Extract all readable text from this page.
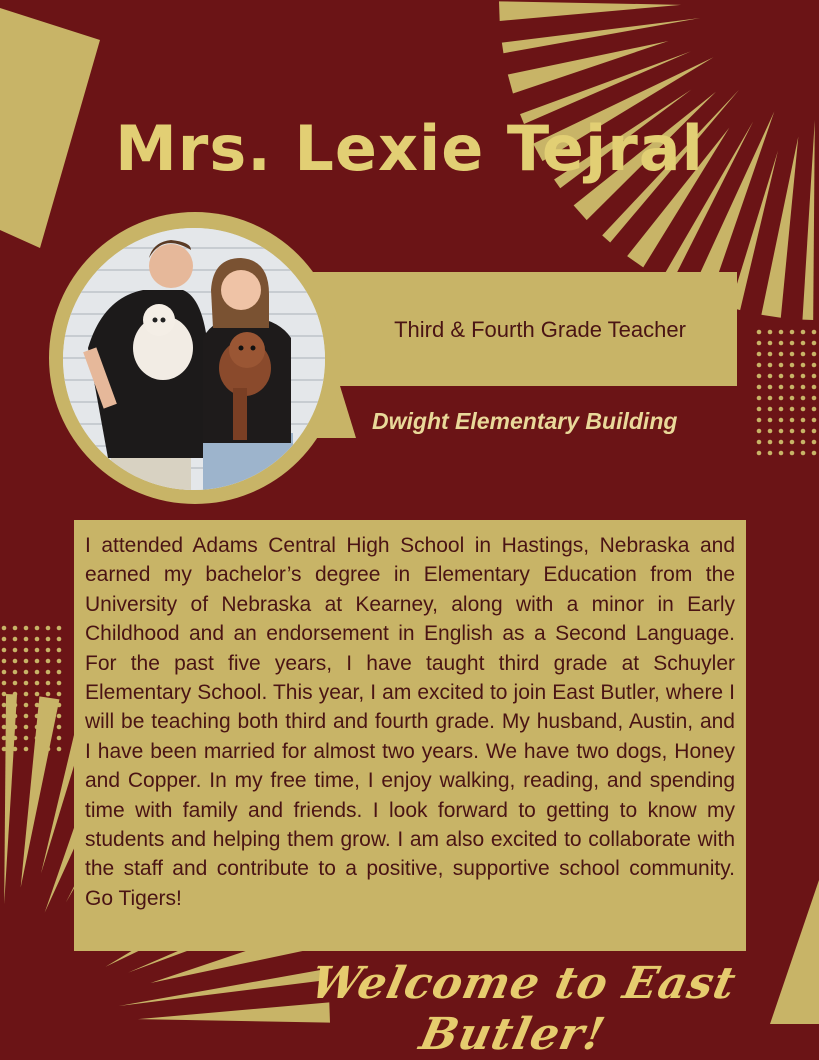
Mrs. Lexie Tejral
Third & Fourth Grade Teacher
Dwight Elementary Building

I attended Adams Central High School in Hastings, Nebraska and earned my bachelor’s degree in Elementary Education from the University of Nebraska at Kearney, along with a minor in Early Childhood and an endorsement in English as a Second Language. For the past five years, I have taught third grade at Schuyler Elementary School. This year, I am excited to join East Butler, where I will be teaching both third and fourth grade. My husband, Austin, and I have been married for almost two years. We have two dogs, Honey and Copper. In my free time, I enjoy walking, reading, and spending time with family and friends. I look forward to getting to know my students and helping them grow. I am also excited to collaborate with the staff and contribute to a positive, supportive school community. Go Tigers!

Welcome to East Butler!
